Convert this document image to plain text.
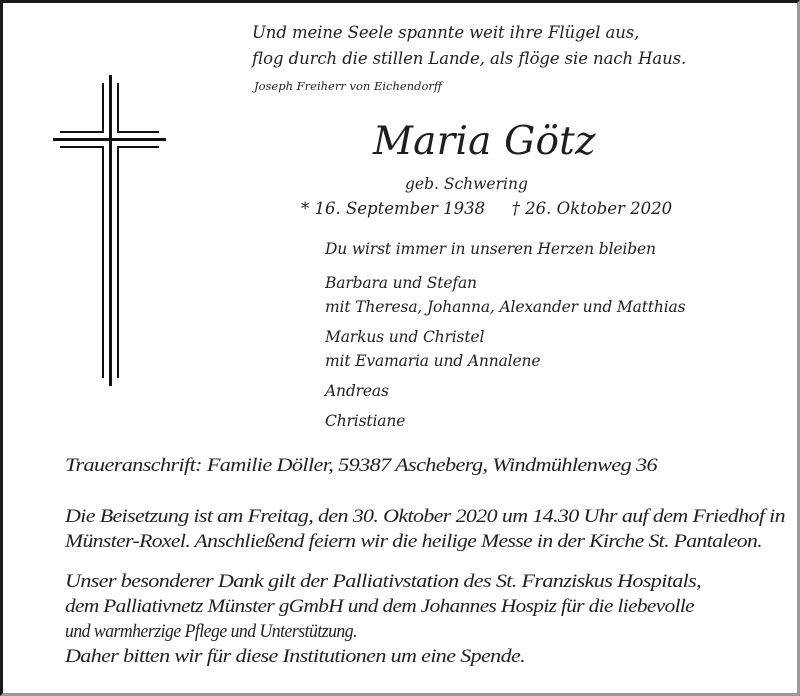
Und meine Seele spannte weit ihre Flügel aus,
flog durch die stillen Lande, als flöge sie nach Haus.
Joseph Freiherr von Eichendorff
Maria Götz
geb. Schwering
* 16. September 1938 † 26. Oktober 2020
Du wirst immer in unseren Herzen bleiben
Barbara und Stefan
mit Theresa, Johanna, Alexander und Matthias
Markus und Christel
mit Evamaria und Annalene
Andreas
Christiane
Traueranschrift: Familie Döller, 59387 Ascheberg, Windmühlenweg 36
Die Beisetzung ist am Freitag, den 30. Oktober 2020 um 14.30 Uhr auf dem Friedhof in
Münster-Roxel. Anschließend feiern wir die heilige Messe in der Kirche St. Pantaleon.
Unser besonderer Dank gilt der Palliativstation des St. Franziskus Hospitals,
dem Palliativnetz Münster gGmbH und dem Johannes Hospiz für die liebevolle
und warmherzige Pflege und Unterstützung.
Daher bitten wir für diese Institutionen um eine Spende.
